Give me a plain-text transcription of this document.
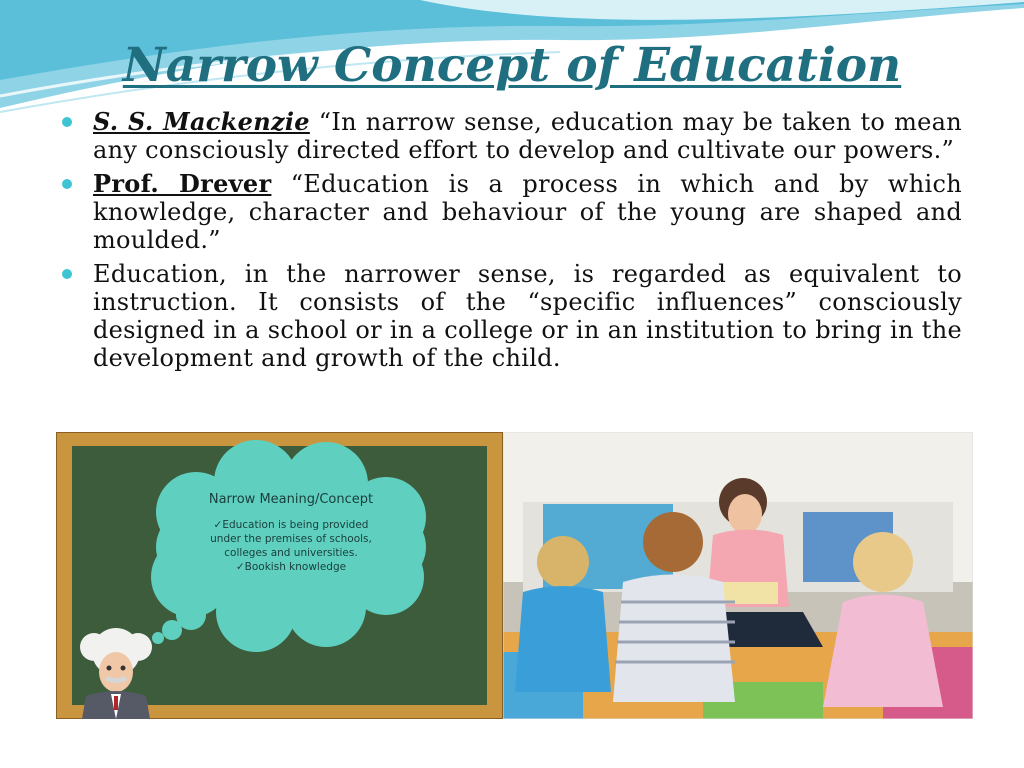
Narrow Concept of Education
S. S. Mackenzie “In narrow sense, education may be taken to mean any consciously directed effort to develop and cultivate our powers.”
Prof. Drever “Education is a process in which and by which knowledge, character and behaviour of the young are shaped and moulded.”
Education, in the narrower sense, is regarded as equivalent to instruction. It consists of the “specific influences” consciously designed in a school or in a college or in an institution to bring in the development and growth of the child.
Narrow Meaning/Concept
✓Education is being provided
under the premises of schools,
colleges and universities.
✓Bookish knowledge
